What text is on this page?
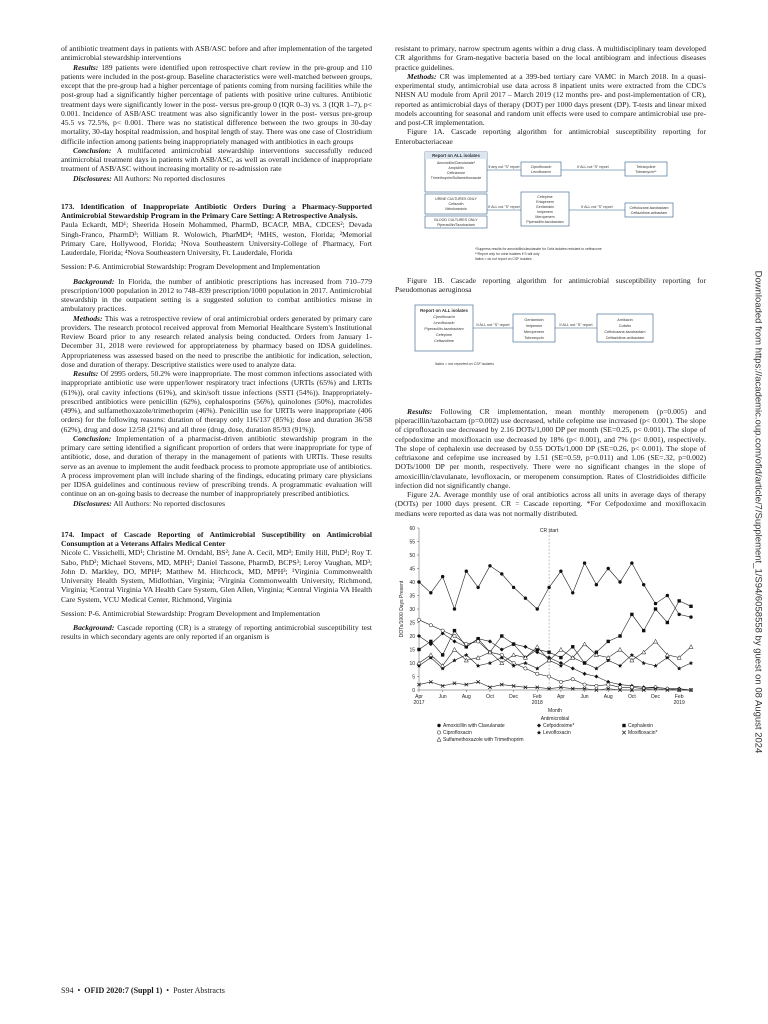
of antibiotic treatment days in patients with ASB/ASC before and after implementation of the targeted antimicrobial stewardship interventions

Results: 189 patients were identified upon retrospective chart review in the pre-group and 110 patients were included in the post-group. Baseline characteristics were well-matched between groups, except that the pre-group had a higher percentage of patients coming from nursing facilities while the post-group had a significantly higher percentage of patients with positive urine cultures. Antibiotic treatment days were significantly lower in the post- versus pre-group 0 (IQR 0–3) vs. 3 (IQR 1–7), p< 0.001. Incidence of ASB/ASC treatment was also significantly lower in the post- versus pre-group 45.5 vs 72.5%, p< 0.001. There was no statistical difference between the two groups in 30-day mortality, 30-day hospital readmission, and hospital length of stay. There was one case of Clostridium difficile infection among patients being inappropriately managed with antibiotics in each groups

Conclusion: A multifaceted antimicrobial stewardship interventions successfully reduced antimicrobial treatment days in patients with ASB/ASC, as well as overall incidence of inappropriate treatment of ASB/ASC without increasing mortality or re-admission rate

Disclosures: All Authors: No reported disclosures

173. Identification of Inappropriate Antibiotic Orders During a Pharmacy-Supported Antimicrobial Stewardship Program in the Primary Care Setting: A Retrospective Analysis.

Paula Eckardt, MD¹; Sheerida Hosein Mohammed, PharmD, BCACP, MBA, CDCES²; Devada Singh-Franco, PharmD³; William R. Wolowich, PharMD⁴; ¹MHS, weston, Florida; ²Memorial Primary Care, Hollywood, Florida; ³Nova Southeastern University-College of Pharmacy, Fort Lauderdale, Florida; ⁴Nova Southeastern University, Ft. Lauderdale, Florida

Session: P-6. Antimicrobial Stewardship: Program Development and Implementation

Background: In Florida, the number of antibiotic prescriptions has increased from 710–779 prescription/1000 population in 2012 to 748–839 prescription/1000 population in 2017. Antimicrobial stewardship in the outpatient setting is a suggested solution to combat antibiotics misuse in ambulatory practices.

Methods: This was a retrospective review of oral antimicrobial orders generated by primary care providers. The research protocol received approval from Memorial Healthcare System's Institutional Review Board prior to any research related analysis being conducted. Orders from January 1-December 31, 2018 were reviewed for appropriateness by pharmacy based on IDSA guidelines. Appropriateness was assessed based on the need to prescribe the antibiotic for indication, selection, dose and duration of therapy. Descriptive statistics were used to analyze data.

Results: Of 2995 orders, 50.2% were inappropriate. The most common infections associated with inappropriate antibiotic use were upper/lower respiratory tract infections (URTIs (65%) and LRTIs (61%)), oral cavity infections (61%), and skin/soft tissue infections (SSTI (54%)). Inappropriately-prescribed antibiotics were penicillin (62%), cephalosporins (56%), quinolones (50%), macrolides (49%), and sulfamethoxazole/trimethoprim (46%). Penicillin use for URTIs were inappropriate (406 orders) for the following reasons: duration of therapy only 116/137 (85%); dose and duration 36/58 (62%), drug and dose 12/58 (21%) and all three (drug, dose, duration 85/93 (91%)).

Conclusion: Implementation of a pharmacist-driven antibiotic stewardship program in the primary care setting identified a significant proportion of orders that were inappropriate for type of antibiotic, dose, and duration of therapy in the management of patients with URTIs. These results serve as an avenue to implement the audit feedback process to promote appropriate use of antibiotics. A process improvement plan will include sharing of the findings, educating primary care physicians per IDSA guidelines and continuous review of prescribing trends. A programmatic evaluation will continue on an on-going basis to decrease the number of inappropriately prescribed antibiotics.

Disclosures: All Authors: No reported disclosures

174. Impact of Cascade Reporting of Antimicrobial Susceptibility on Antimicrobial Consumption at a Veterans Affairs Medical Center

Nicole C. Vissichelli, MD¹; Christine M. Orndahl, BS²; Jane A. Cecil, MD³; Emily Hill, PhD²; Roy T. Sabo, PhD²; Michael Stevens, MD, MPH¹; Daniel Tassone, PharmD, BCPS³; Leroy Vaughan, MD³; John D. Markley, DO, MPH⁴; Matthew M. Hitchcock, MD, MPH³; ¹Virginia Commonwealth University Health System, Midlothian, Virginia; ²Virginia Commonwealth University, Richmond, Virginia; ³Central Virginia VA Health Care System, Glen Allen, Virginia; ⁴Central Virginia VA Health Care System, VCU Medical Center, Richmond, Virginia

Session: P-6. Antimicrobial Stewardship: Program Development and Implementation

Background: Cascade reporting (CR) is a strategy of reporting antimicrobial susceptibility test results in which secondary agents are only reported if an organism is

resistant to primary, narrow spectrum agents within a drug class. A multidisciplinary team developed CR algorithms for Gram-negative bacteria based on the local antibiogram and infectious diseases practice guidelines.

Methods: CR was implemented at a 399-bed tertiary care VAMC in March 2018. In a quasi-experimental study, antimicrobial use data across 8 inpatient units were extracted from the CDC's NHSN AU module from April 2017 – March 2019 (12 months pre- and post-implementation of CR), reported as antimicrobial days of therapy (DOT) per 1000 days present (DP). T-tests and linear mixed models accounting for seasonal and random unit effects were used to compare antimicrobial use pre- and post-CR implementation.

Figure 1A. Cascade reporting algorithm for antimicrobial susceptibility reporting for Enterobacteriaceae

Report on ALL isolates
Amoxicillin/Clavulanate*
Ampicillin
Ceftriaxone
Trimethoprim/Sulfamethoxazole
URINE CULTURES ONLY
Cefazolin
Nitrofurantoin
BLOOD CULTURES ONLY
Piperacillin/Tazobactam
If any not "S" report	Ciprofloxacin
Levofloxacin
If ALL not "S" report	Tetracycline
Tobramycin**
If ALL not "S" report
Cefepime
Ertapenem
Gentamicin
Imipenem
Meropenem
Piperacillin-tazobactam
If ALL not "S" report	Ceftolozane-tazobactam
Ceftazidime-avibactam
*Suppress results for amoxicillin/clavulanate for Cefa isolates resistant to ceftriaxone
**Report only for urine isolates if S will only
Italics = do not report on CSF isolates

Figure 1B. Cascade reporting algorithm for antimicrobial susceptibility reporting for Pseudomonas aeruginosa

Report on ALL isolates
Ciprofloxacin
Levofloxacin
Piperacillin-tazobactam
Cefepime
Ceftazidime
If ALL not "S" report
Gentamicin
Imipenem
Meropenem
Tobramycin
If ALL not "S" report
Amikacin
Colistin
Ceftolozane-tazobactam
Ceftazidime-avibactam
Italics = not reported on CSF isolates

Results: Following CR implementation, mean monthly meropenem (p=0.005) and piperacillin/tazobactam (p=0.002) use decreased, while cefepime use increased (p< 0.001). The slope of ciprofloxacin use decreased by 2.16 DOTs/1,000 DP per month (SE=0.25, p< 0.001). The slope of cefpodoxime and moxifloxacin use decreased by 18% (p< 0.001), and 7% (p< 0.001), respectively. The slope of cephalexin use decreased by 0.55 DOTs/1,000 DP (SE=0.26, p< 0.001). The slope of ceftriaxone and cefepime use increased by 1.51 (SE=0.59, p=0.011) and 1.06 (SE=.32, p=0.002) DOTs/1000 DP per month, respectively. There were no significant changes in the slope of amoxicillin/clavulanate, levofloxacin, or meropenem consumption. Rates of Clostridioides difficile infection did not significantly change.

Figure 2A. Average monthly use of oral antibiotics across all units in average days of therapy (DOTs) per 1000 days present. CR = Cascade reporting. *For Cefpodoxime and moxifloxacin medians were reported as data was not normally distributed.

0
5
10
15
20
25
30
35
40
45
50
55
60
Apr
2017
Jun	Aug	Oct	Dec	Feb
2018
Apr	Jun	Aug	Oct	Dec	Feb
2019
Month
DOTs/1000 Days Present
CR start
Antimicrobial
Amoxicillin with Clavulanate	Cefpodoxime*	Cephalexin
Ciprofloxacin	Levofloxacin	Moxifloxacin*
Sulfamethoxazole with Trimethoprim
S94  •  OFID 2020:7 (Suppl 1)  •  Poster Abstracts
Downloaded from https://academic.oup.com/ofid/article/7/Supplement_1/S94/6058558 by guest on 08 August 2024
